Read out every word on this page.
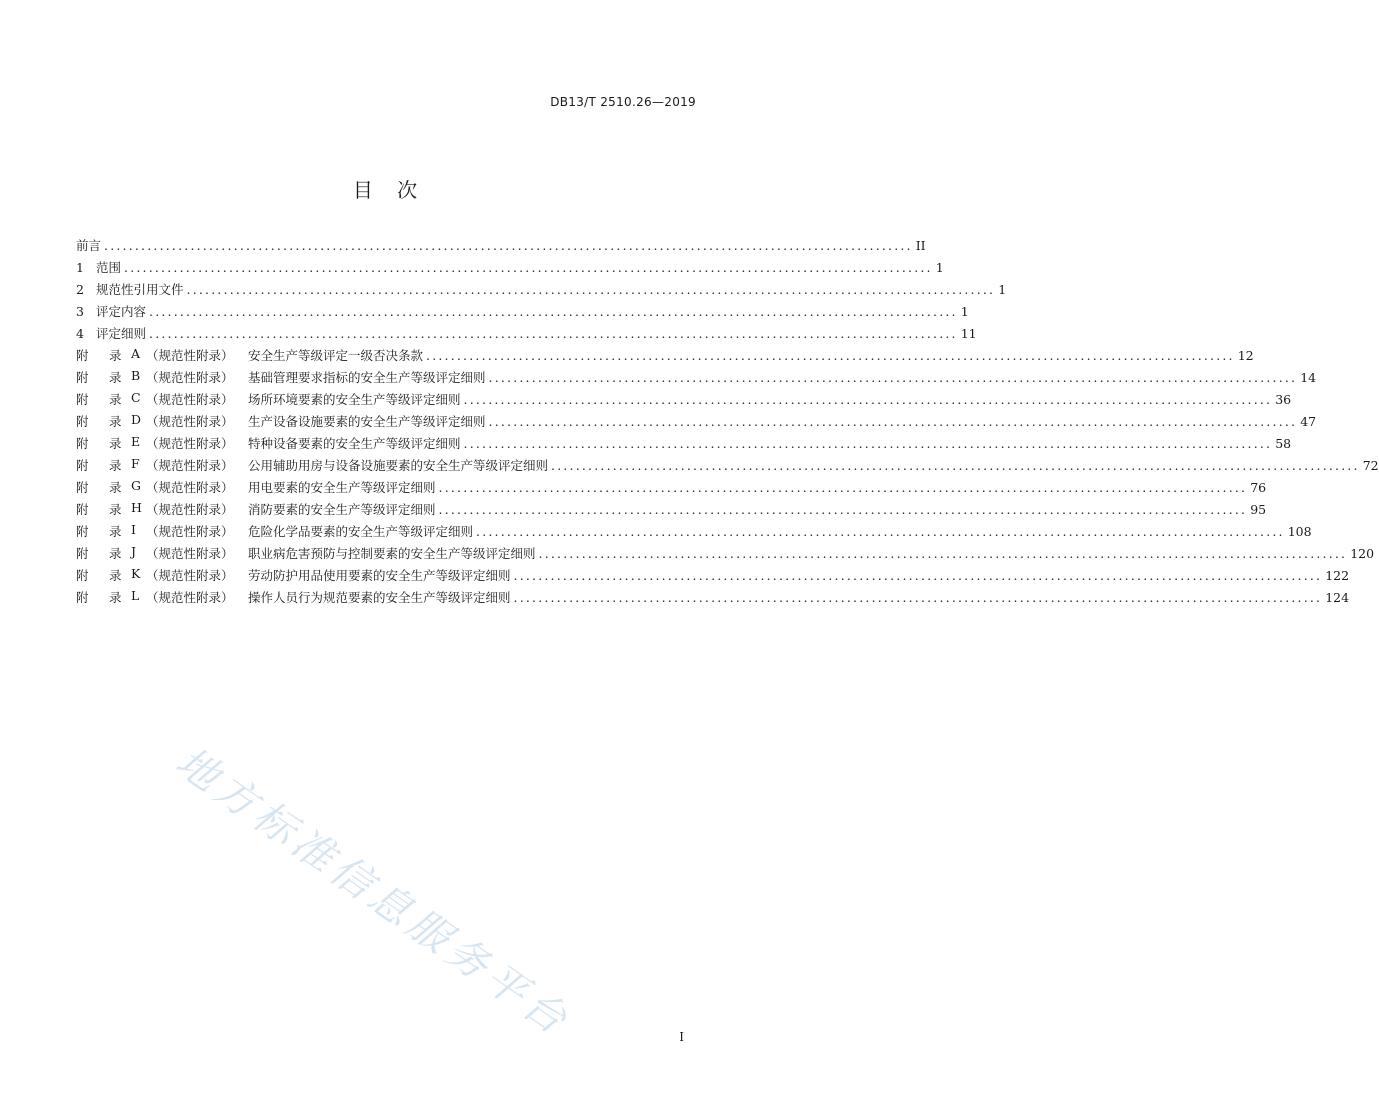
DB13/T 2510.26—2019
目 次
前言 ................................................................................................................................... II
1 范围 ................................................................................................................................... 1
2 规范性引用文件 ................................................................................................................................... 1
3 评定内容 ................................................................................................................................... 1
4 评定细则 ................................................................................................................................... 11
附	录 A （规范性附录）	安全生产等级评定一级否决条款 ................................................................................................................................... 12
附	录 B （规范性附录）	基础管理要求指标的安全生产等级评定细则 ................................................................................................................................... 14
附	录 C （规范性附录）	场所环境要素的安全生产等级评定细则 ................................................................................................................................... 36
附	录 D （规范性附录）	生产设备设施要素的安全生产等级评定细则 ................................................................................................................................... 47
附	录 E （规范性附录）	特种设备要素的安全生产等级评定细则 ................................................................................................................................... 58
附	录 F （规范性附录）	公用辅助用房与设备设施要素的安全生产等级评定细则 ................................................................................................................................... 72
附	录 G （规范性附录）	用电要素的安全生产等级评定细则 ................................................................................................................................... 76
附	录 H （规范性附录）	消防要素的安全生产等级评定细则 ................................................................................................................................... 95
附	录 I （规范性附录）	危险化学品要素的安全生产等级评定细则 ................................................................................................................................... 108
附	录 J （规范性附录）	职业病危害预防与控制要素的安全生产等级评定细则 ................................................................................................................................... 120
附	录 K （规范性附录）	劳动防护用品使用要素的安全生产等级评定细则 ................................................................................................................................... 122
附	录 L （规范性附录）	操作人员行为规范要素的安全生产等级评定细则 ................................................................................................................................... 124
地方标准信息服务平台	I
